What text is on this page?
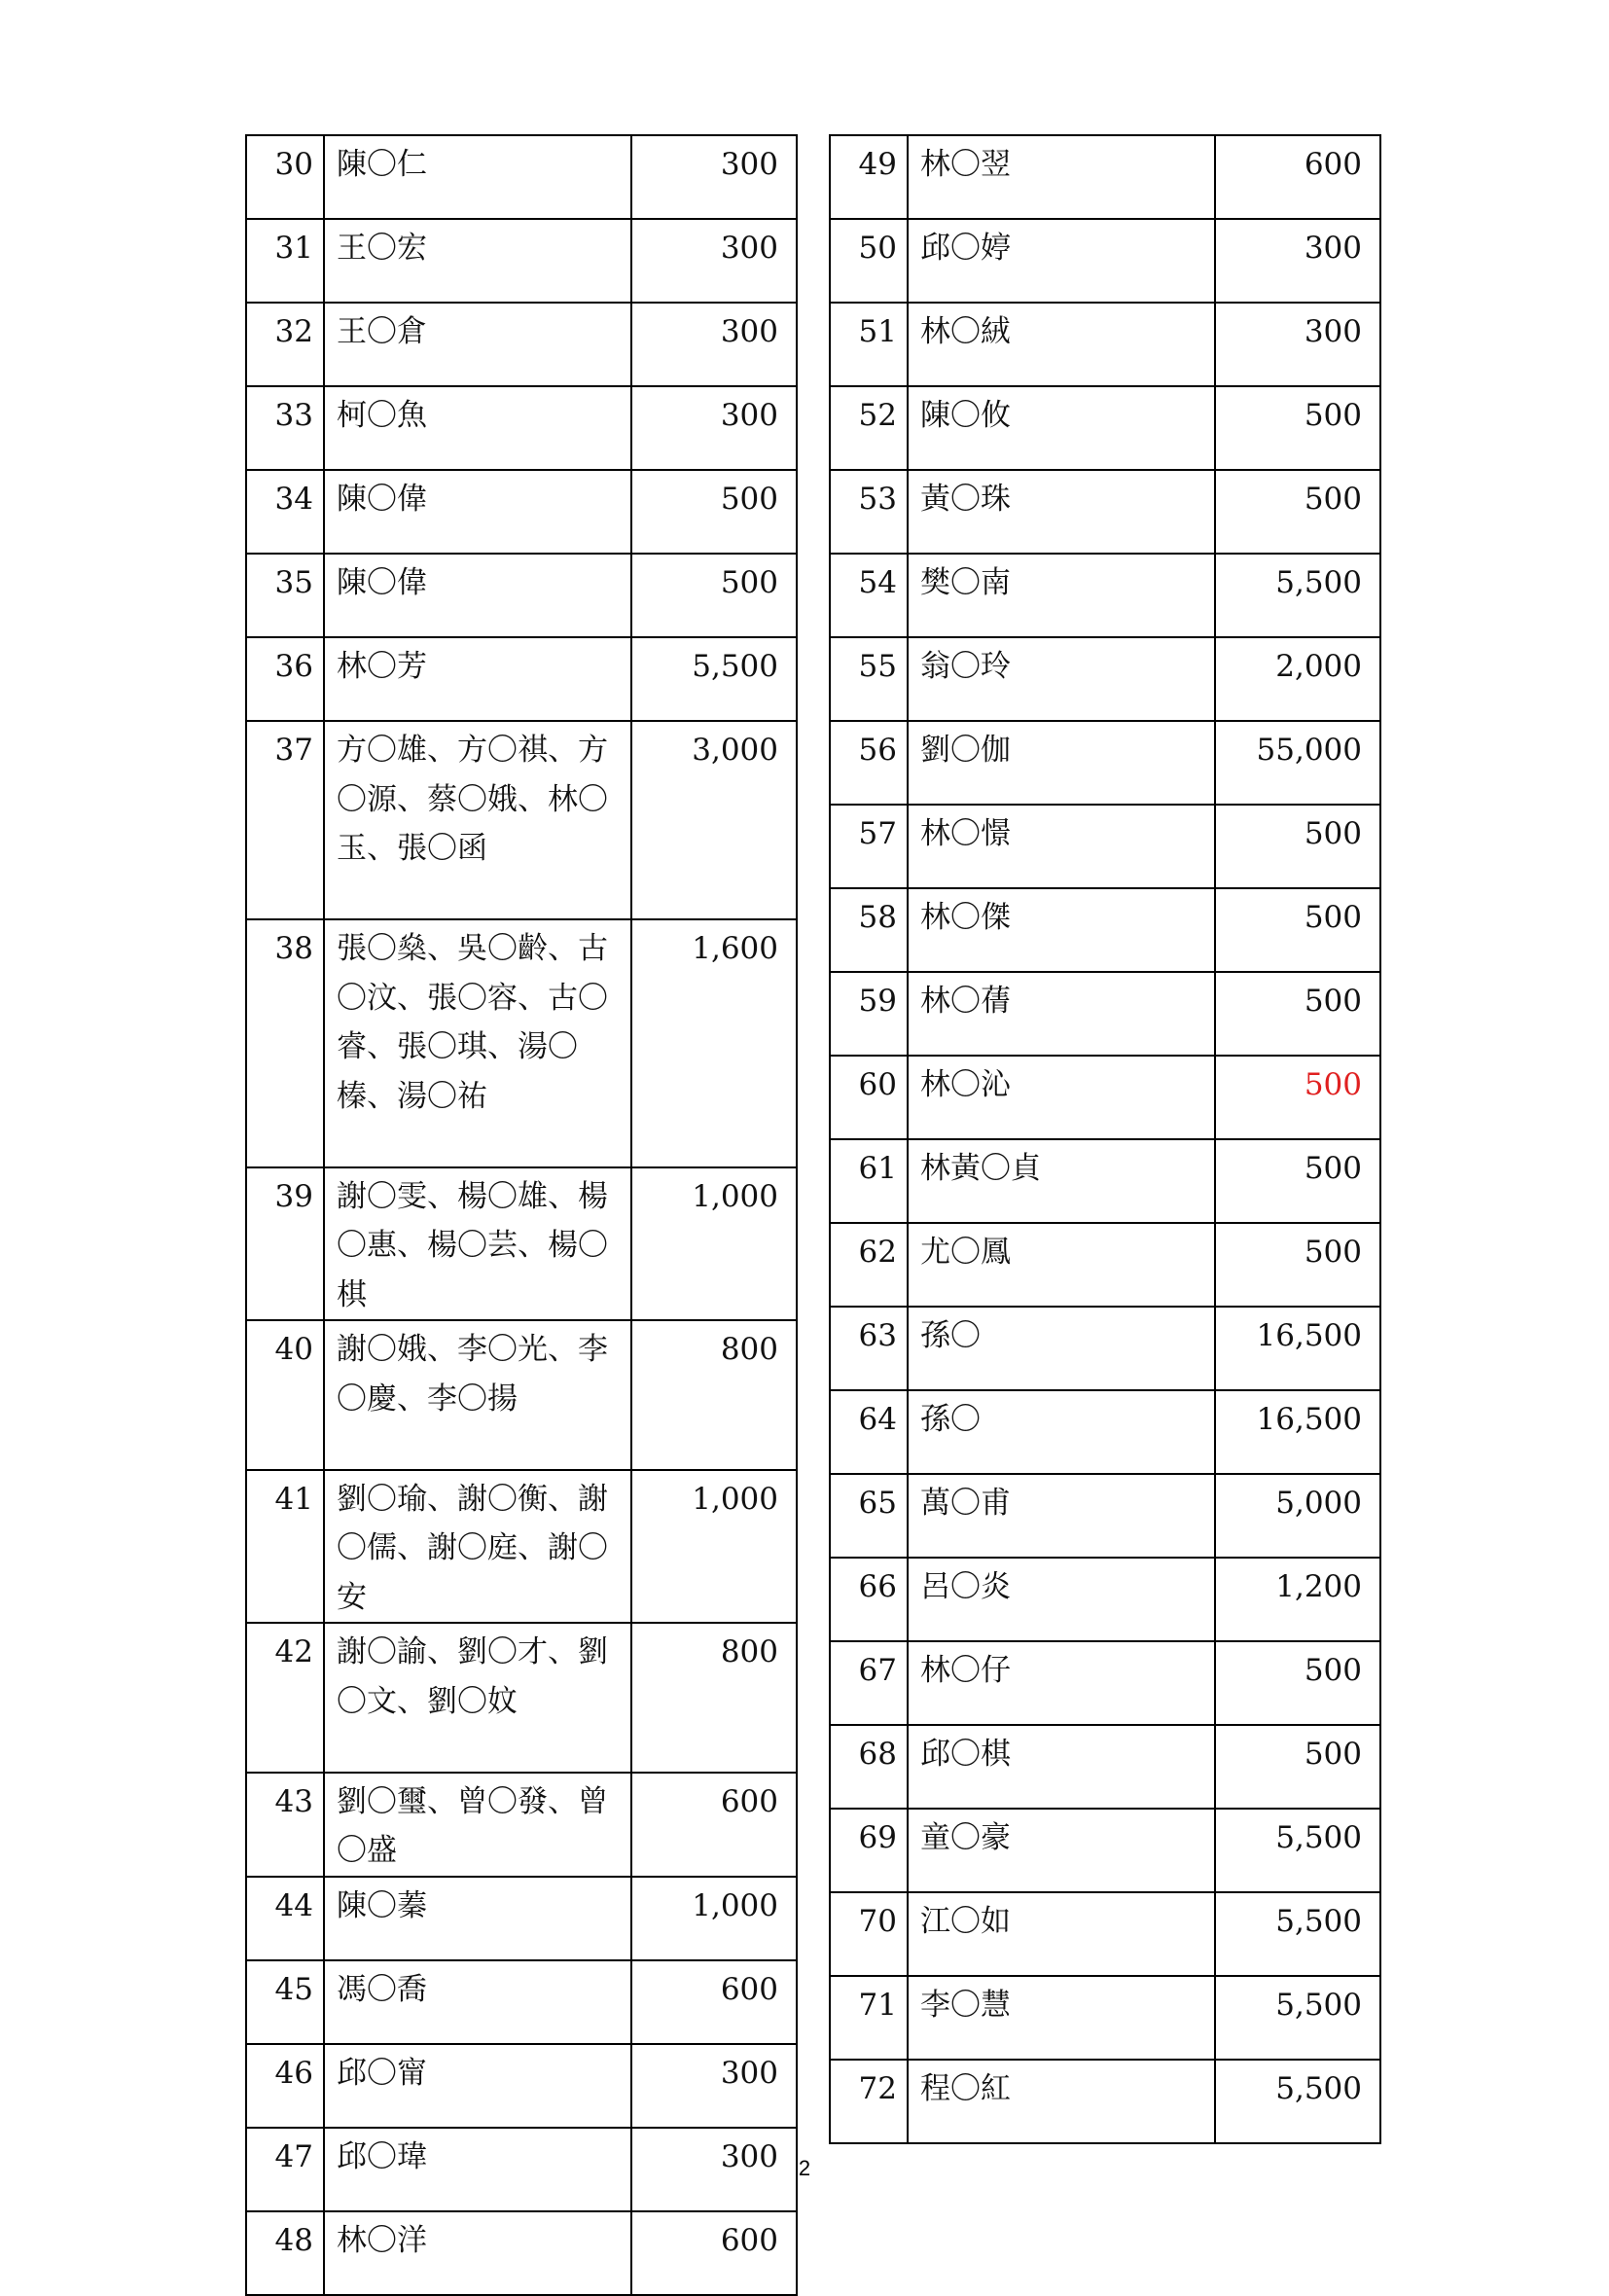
30	陳〇仁	300
31	王〇宏	300
32	王〇倉	300
33	柯〇魚	300
34	陳〇偉	500
35	陳〇偉	500
36	林〇芳	5,500
37	方〇雄、方〇祺、方〇源、蔡〇娥、林〇玉、張〇函	3,000
38	張〇燊、吳〇齡、古〇汶、張〇容、古〇睿、張〇琪、湯〇榛、湯〇祐	1,600
39	謝〇雯、楊〇雄、楊〇惠、楊〇芸、楊〇棋	1,000
40	謝〇娥、李〇光、李〇慶、李〇揚	800
41	劉〇瑜、謝〇衡、謝〇儒、謝〇庭、謝〇安	1,000
42	謝〇諭、劉〇才、劉〇文、劉〇妏	800
43	劉〇璽、曾〇發、曾〇盛	600
44	陳〇蓁	1,000
45	馮〇喬	600
46	邱〇甯	300
47	邱〇瑋	300
48	林〇洋	600
49	林〇翌	600
50	邱〇婷	300
51	林〇絨	300
52	陳〇攸	500
53	黃〇珠	500
54	樊〇南	5,500
55	翁〇玲	2,000
56	劉〇伽	55,000
57	林〇憬	500
58	林〇傑	500
59	林〇蒨	500
60	林〇沁	500
61	林黃〇貞	500
62	尤〇鳳	500
63	孫〇	16,500
64	孫〇	16,500
65	萬〇甫	5,000
66	呂〇炎	1,200
67	林〇仔	500
68	邱〇棋	500
69	童〇豪	5,500
70	江〇如	5,500
71	李〇慧	5,500
72	程〇紅	5,500
2
